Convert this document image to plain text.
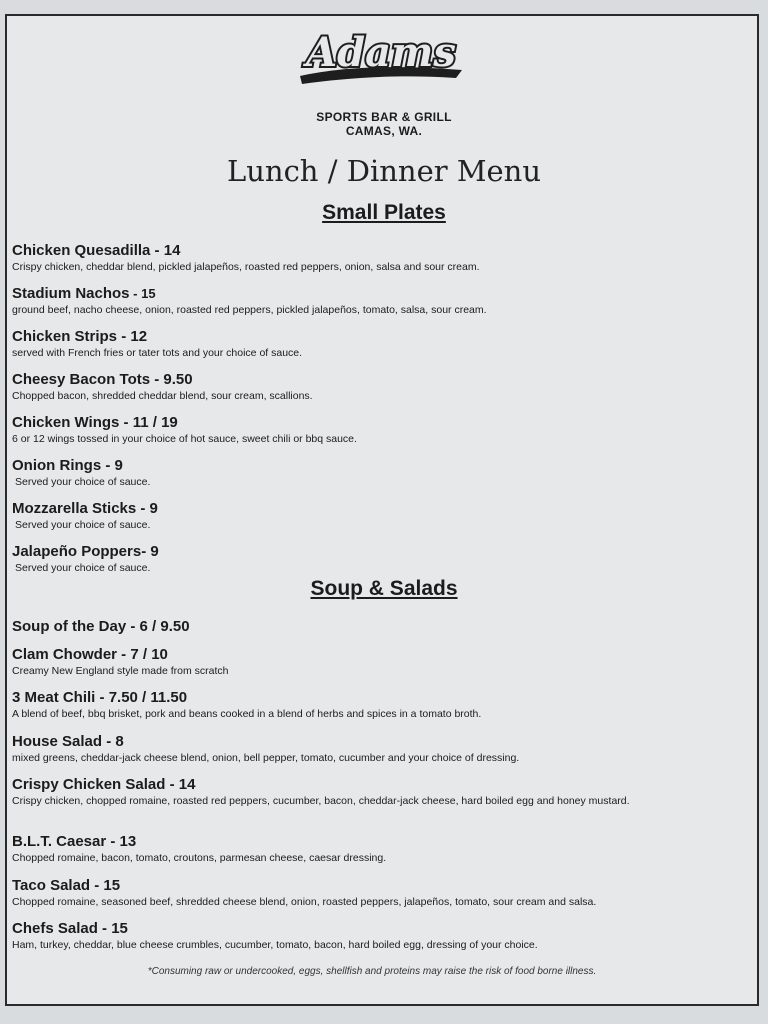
Adams
SPORTS BAR & GRILL
CAMAS, WA.
Lunch / Dinner Menu
Small Plates
Chicken Quesadilla - 14
Crispy chicken, cheddar blend, pickled jalapeños, roasted red peppers, onion, salsa and sour cream.
Stadium Nachos - 15
ground beef, nacho cheese, onion, roasted red peppers, pickled jalapeños, tomato, salsa, sour cream.
Chicken Strips - 12
served with French fries or tater tots and your choice of sauce.
Cheesy Bacon Tots - 9.50
Chopped bacon, shredded cheddar blend, sour cream, scallions.
Chicken Wings - 11 / 19
6 or 12 wings tossed in your choice of hot sauce, sweet chili or bbq sauce.
Onion Rings - 9
Served your choice of sauce.
Mozzarella Sticks - 9
Served your choice of sauce.
Jalapeño Poppers- 9
Served your choice of sauce.
Soup & Salads
Soup of the Day - 6 / 9.50
Clam Chowder - 7 / 10
Creamy New England style made from scratch
3 Meat Chili - 7.50 / 11.50
A blend of beef, bbq brisket, pork and beans cooked in a blend of herbs and spices in a tomato broth.
House Salad - 8
mixed greens, cheddar-jack cheese blend, onion, bell pepper, tomato, cucumber and your choice of dressing.
Crispy Chicken Salad - 14
Crispy chicken, chopped romaine, roasted red peppers, cucumber, bacon, cheddar-jack cheese, hard boiled egg and honey mustard.
B.L.T. Caesar - 13
Chopped romaine, bacon, tomato, croutons, parmesan cheese, caesar dressing.
Taco Salad - 15
Chopped romaine, seasoned beef, shredded cheese blend, onion, roasted peppers, jalapeños, tomato, sour cream and salsa.
Chefs Salad - 15
Ham, turkey, cheddar, blue cheese crumbles, cucumber, tomato, bacon, hard boiled egg, dressing of your choice.
*Consuming raw or undercooked, eggs, shellfish and proteins may raise the risk of food borne illness.
